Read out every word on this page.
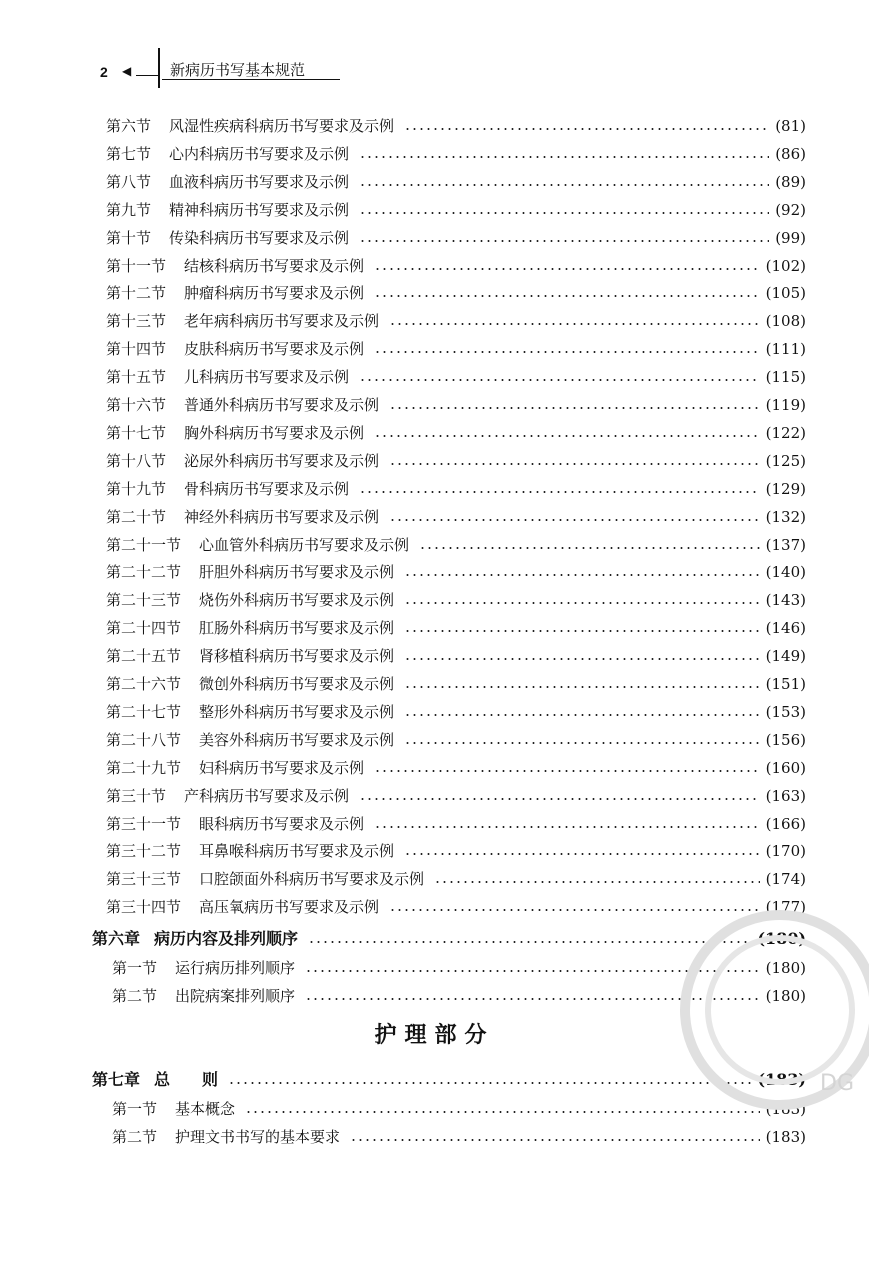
2 ◀	新病历书写基本规范
第六节	风湿性疾病科病历书写要求及示例	(81)
第七节	心内科病历书写要求及示例	(86)
第八节	血液科病历书写要求及示例	(89)
第九节	精神科病历书写要求及示例	(92)
第十节	传染科病历书写要求及示例	(99)
第十一节	结核科病历书写要求及示例	(102)
第十二节	肿瘤科病历书写要求及示例	(105)
第十三节	老年病科病历书写要求及示例	(108)
第十四节	皮肤科病历书写要求及示例	(111)
第十五节	儿科病历书写要求及示例	(115)
第十六节	普通外科病历书写要求及示例	(119)
第十七节	胸外科病历书写要求及示例	(122)
第十八节	泌尿外科病历书写要求及示例	(125)
第十九节	骨科病历书写要求及示例	(129)
第二十节	神经外科病历书写要求及示例	(132)
第二十一节	心血管外科病历书写要求及示例	(137)
第二十二节	肝胆外科病历书写要求及示例	(140)
第二十三节	烧伤外科病历书写要求及示例	(143)
第二十四节	肛肠外科病历书写要求及示例	(146)
第二十五节	肾移植科病历书写要求及示例	(149)
第二十六节	微创外科病历书写要求及示例	(151)
第二十七节	整形外科病历书写要求及示例	(153)
第二十八节	美容外科病历书写要求及示例	(156)
第二十九节	妇科病历书写要求及示例	(160)
第三十节	产科病历书写要求及示例	(163)
第三十一节	眼科病历书写要求及示例	(166)
第三十二节	耳鼻喉科病历书写要求及示例	(170)
第三十三节	口腔颌面外科病历书写要求及示例	(174)
第三十四节	高压氧病历书写要求及示例	(177)
第六章 病历内容及排列顺序	(180)
第一节	运行病历排列顺序	(180)
第二节	出院病案排列顺序	(180)
第七章 总　　则	(183)
第一节	基本概念	(183)
第二节	护理文书书写的基本要求	(183)
护理部分
DG
